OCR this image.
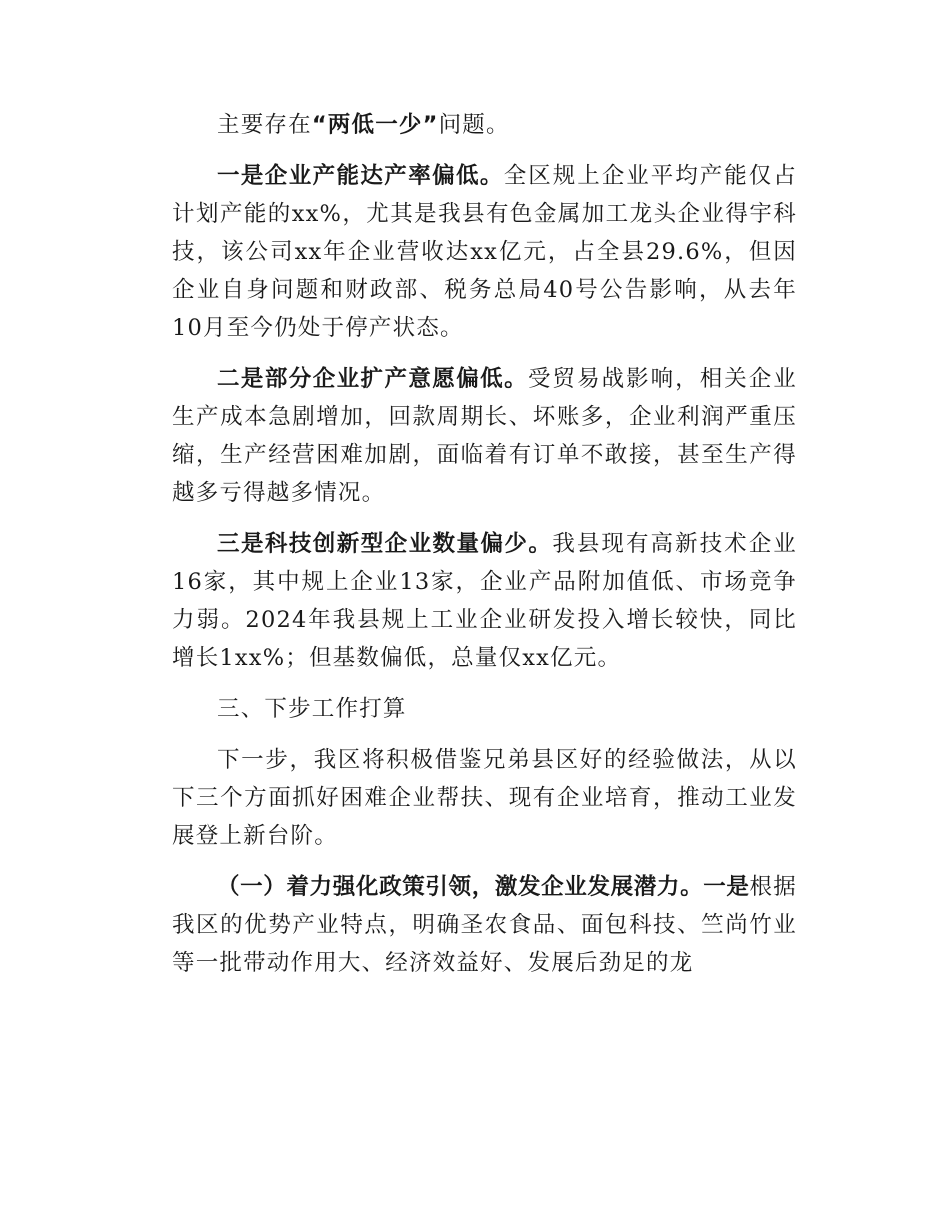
主要存在“两低一少”问题。

一是企业产能达产率偏低。全区规上企业平均产能仅占计划产能的xx%，尤其是我县有色金属加工龙头企业得宇科技，该公司xx年企业营收达xx亿元，占全县29.6%，但因企业自身问题和财政部、税务总局40号公告影响，从去年10月至今仍处于停产状态。

二是部分企业扩产意愿偏低。受贸易战影响，相关企业生产成本急剧增加，回款周期长、坏账多，企业利润严重压缩，生产经营困难加剧，面临着有订单不敢接，甚至生产得越多亏得越多情况。

三是科技创新型企业数量偏少。我县现有高新技术企业16家，其中规上企业13家，企业产品附加值低、市场竞争力弱。2024年我县规上工业企业研发投入增长较快，同比增长1xx%；但基数偏低，总量仅xx亿元。

三、下步工作打算

下一步，我区将积极借鉴兄弟县区好的经验做法，从以下三个方面抓好困难企业帮扶、现有企业培育，推动工业发展登上新台阶。

（一）着力强化政策引领，激发企业发展潜力。一是根据我区的优势产业特点，明确圣农食品、面包科技、竺尚竹业等一批带动作用大、经济效益好、发展后劲足的龙
